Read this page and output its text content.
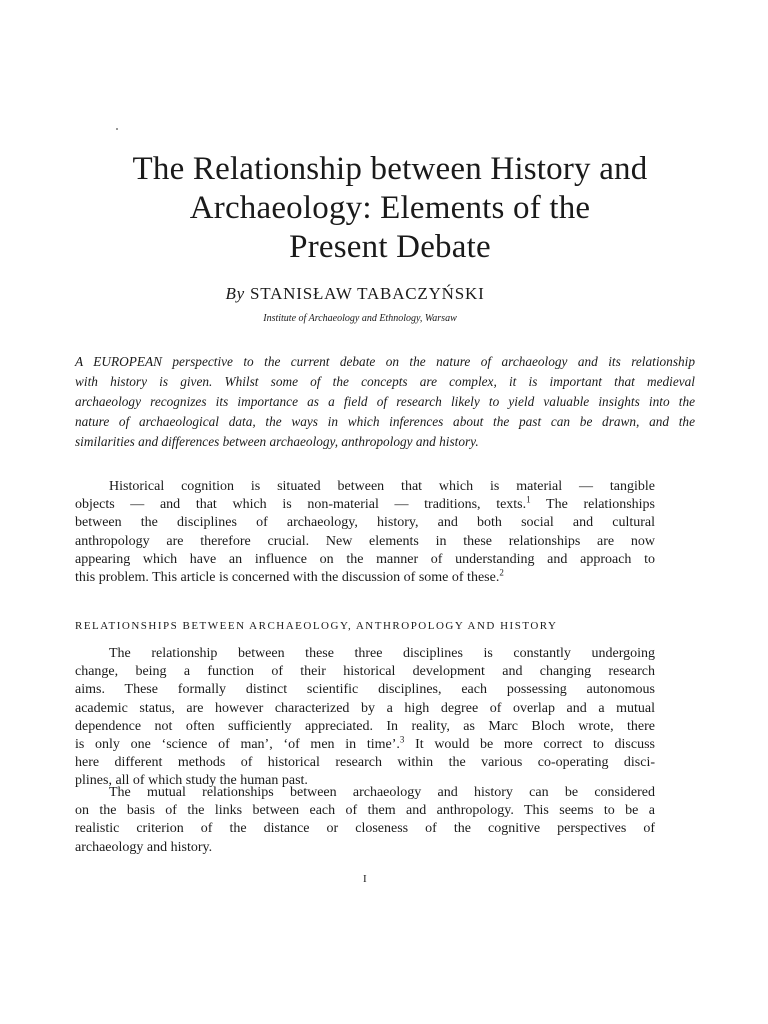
The Relationship between History and
Archaeology: Elements of the
Present Debate
By STANISŁAW TABACZYŃSKI
Institute of Archaeology and Ethnology, Warsaw
A EUROPEAN perspective to the current debate on the nature of archaeology and its relationship
with history is given. Whilst some of the concepts are complex, it is important that medieval
archaeology recognizes its importance as a field of research likely to yield valuable insights into the
nature of archaeological data, the ways in which inferences about the past can be drawn, and the
similarities and differences between archaeology, anthropology and history.
Historical cognition is situated between that which is material — tangible
objects — and that which is non-material — traditions, texts.$^1$ The relationships
between the disciplines of archaeology, history, and both social and cultural
anthropology are therefore crucial. New elements in these relationships are now
appearing which have an influence on the manner of understanding and approach to
this problem. This article is concerned with the discussion of some of these.$^2$
RELATIONSHIPS BETWEEN ARCHAEOLOGY, ANTHROPOLOGY AND HISTORY
The relationship between these three disciplines is constantly undergoing
change, being a function of their historical development and changing research
aims. These formally distinct scientific disciplines, each possessing autonomous
academic status, are however characterized by a high degree of overlap and a mutual
dependence not often sufficiently appreciated. In reality, as Marc Bloch wrote, there
is only one ‘science of man’, ‘of men in time’.$^3$ It would be more correct to discuss
here different methods of historical research within the various co-operating disci-
plines, all of which study the human past.
The mutual relationships between archaeology and history can be considered
on the basis of the links between each of them and anthropology. This seems to be a
realistic criterion of the distance or closeness of the cognitive perspectives of
archaeology and history.
I
